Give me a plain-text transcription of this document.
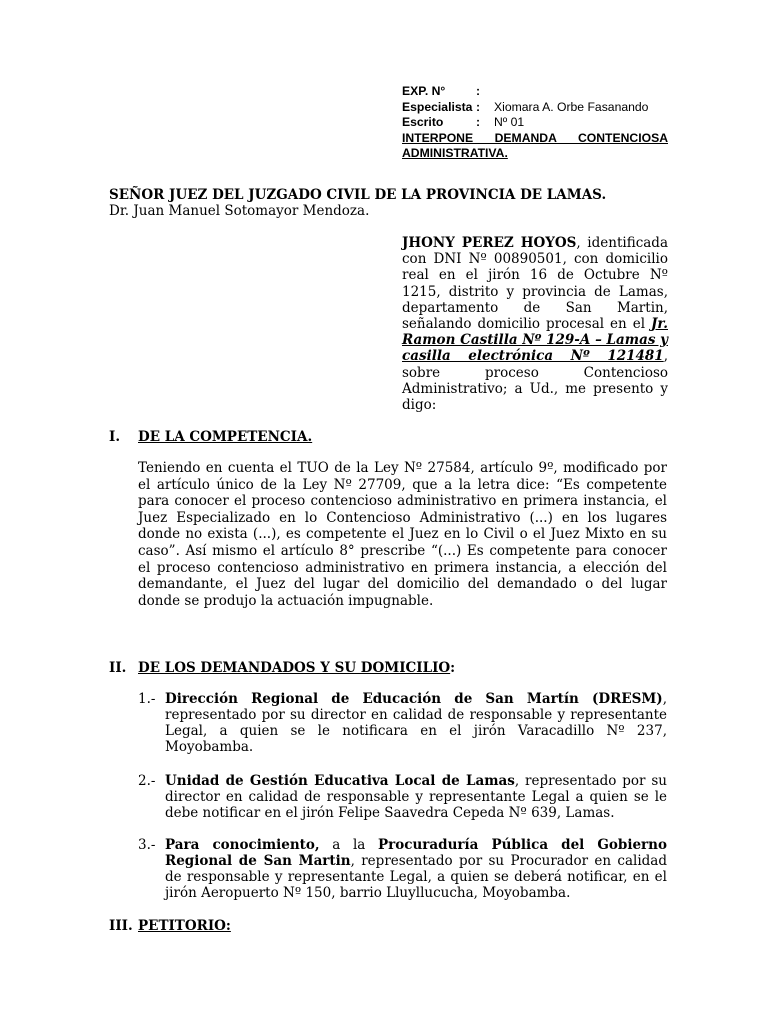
EXP. N°	:
Especialista :	Xiomara A. Orbe Fasanando
Escrito	:	Nº 01
INTERPONE DEMANDA CONTENCIOSA
ADMINISTRATIVA.
SEÑOR JUEZ DEL JUZGADO CIVIL DE LA PROVINCIA DE LAMAS.
Dr. Juan Manuel Sotomayor Mendoza.
JHONY PEREZ HOYOS, identificada con DNI Nº 00890501, con domicilio real en el jirón 16 de Octubre Nº 1215, distrito y provincia de Lamas, departamento de San Martin, señalando domicilio procesal en el Jr. Ramon Castilla Nº 129-A – Lamas y casilla electrónica Nº 121481, sobre proceso Contencioso Administrativo; a Ud., me presento y digo:
I.	DE LA COMPETENCIA.
Teniendo en cuenta el TUO de la Ley Nº 27584, artículo 9º, modificado por el artículo único de la Ley Nº 27709, que a la letra dice: “Es competente para conocer el proceso contencioso administrativo en primera instancia, el Juez Especializado en lo Contencioso Administrativo (...) en los lugares donde no exista (...), es competente el Juez en lo Civil o el Juez Mixto en su caso”. Así mismo el artículo 8° prescribe “(...) Es competente para conocer el proceso contencioso administrativo en primera instancia, a elección del demandante, el Juez del lugar del domicilio del demandado o del lugar donde se produjo la actuación impugnable.
II. DE LOS DEMANDADOS Y SU DOMICILIO :
1.- Dirección Regional de Educación de San Martín (DRESM), representado por su director en calidad de responsable y representante Legal, a quien se le notificara en el jirón Varacadillo Nº 237, Moyobamba.
2.- Unidad de Gestión Educativa Local de Lamas, representado por su director en calidad de responsable y representante Legal a quien se le debe notificar en el jirón Felipe Saavedra Cepeda Nº 639, Lamas.
3.- Para conocimiento, a la Procuraduría Pública del Gobierno Regional de San Martin, representado por su Procurador en calidad de responsable y representante Legal, a quien se deberá notificar, en el jirón Aeropuerto Nº 150, barrio Lluyllucucha, Moyobamba.
III. PETITORIO:
